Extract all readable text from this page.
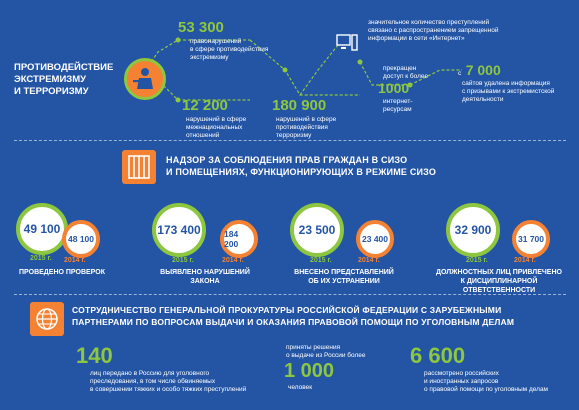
ПРОТИВОДЕЙСТВИЕ
ЭКСТРЕМИЗМУ
И ТЕРРОРИЗМУ
53 300
правонарушений
в сфере противодействия
экстремизму
12 200
нарушений в сфере
межнациональных
отношений
180 900
нарушений в сфере
противодействия
терроризму
значительное количество преступлений
связано с распространением запрещенной
информации в сети «Интернет»
прекращен
доступ к более
1000
интернет-
ресурсам
с 7 000
сайтов удалена информация
с призывами к экстремистской
деятельности
НАДЗОР ЗА СОБЛЮДЕНИЯ ПРАВ ГРАЖДАН В СИЗО
И ПОМЕЩЕНИЯХ, ФУНКЦИОНИРУЮЩИХ В РЕЖИМЕ СИЗО
49 100
48 100
2015 г. 2014 г.
ПРОВЕДЕНО ПРОВЕРОК
173 400	184 200
2015 г.	2014 г.
ВЫЯВЛЕНО НАРУШЕНИЙ
ЗАКОНА
23 500
23 400
2015 г.	2014 г.
ВНЕСЕНО ПРЕДСТАВЛЕНИЙ
ОБ ИХ УСТРАНЕНИИ
32 900
31 700
2015 г.	2014 г.
ДОЛЖНОСТНЫХ ЛИЦ ПРИВЛЕЧЕНО
К ДИСЦИПЛИНАРНОЙ ОТВЕТСТВЕННОСТИ
СОТРУДНИЧЕСТВО ГЕНЕРАЛЬНОЙ ПРОКУРАТУРЫ РОССИЙСКОЙ ФЕДЕРАЦИИ С ЗАРУБЕЖНЫМИ
ПАРТНЕРАМИ ПО ВОПРОСАМ ВЫДАЧИ И ОКАЗАНИЯ ПРАВОВОЙ ПОМОЩИ ПО УГОЛОВНЫМ ДЕЛАМ
140
лиц передано в Россию для уголовного
преследования, в том числе обвиняемых
в совершении тяжких и особо тяжких преступлений
приняты решения
о выдаче из России более
1 000
человек
6 600
рассмотрено российских
и иностранных запросов
о правовой помощи по уголовным делам
